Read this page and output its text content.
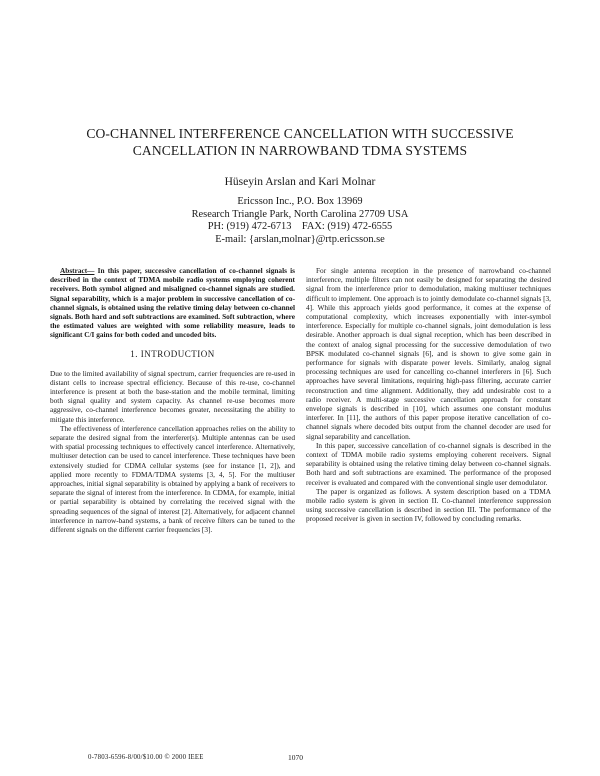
CO-CHANNEL INTERFERENCE CANCELLATION WITH SUCCESSIVE
CANCELLATION IN NARROWBAND TDMA SYSTEMS
Hüseyin Arslan and Kari Molnar
Ericsson Inc., P.O. Box 13969
Research Triangle Park, North Carolina 27709 USA
PH: (919) 472-6713    FAX: (919) 472-6555
E-mail: {arslan,molnar}@rtp.ericsson.se

Abstract— In this paper, successive cancellation of co-channel signals is described in the context of TDMA mobile radio systems employing coherent receivers. Both symbol aligned and misaligned co-channel signals are studied. Signal separability, which is a major problem in successive cancellation of co-channel signals, is obtained using the relative timing delay between co-channel signals. Both hard and soft subtractions are examined. Soft subtraction, where the estimated values are weighted with some reliability measure, leads to significant C/I gains for both coded and uncoded bits.

1. INTRODUCTION

Due to the limited availability of signal spectrum, carrier frequencies are re-used in distant cells to increase spectral efficiency. Because of this re-use, co-channel interference is present at both the base-station and the mobile terminal, limiting both signal quality and system capacity. As channel re-use becomes more aggressive, co-channel interference becomes greater, necessitating the ability to mitigate this interference.

The effectiveness of interference cancellation approaches relies on the ability to separate the desired signal from the interferer(s). Multiple antennas can be used with spatial processing techniques to effectively cancel interference. Alternatively, multiuser detection can be used to cancel interference. These techniques have been extensively studied for CDMA cellular systems (see for instance [1, 2]), and applied more recently to FDMA/TDMA systems [3, 4, 5]. For the multiuser approaches, initial signal separability is obtained by applying a bank of receivers to separate the signal of interest from the interference. In CDMA, for example, initial or partial separability is obtained by correlating the received signal with the spreading sequences of the signal of interest [2]. Alternatively, for adjacent channel interference in narrow-band systems, a bank of receive filters can be tuned to the different signals on the different carrier frequencies [3].

For single antenna reception in the presence of narrowband co-channel interference, multiple filters can not easily be designed for separating the desired signal from the interference prior to demodulation, making multiuser techniques difficult to implement. One approach is to jointly demodulate co-channel signals [3, 4]. While this approach yields good performance, it comes at the expense of computational complexity, which increases exponentially with inter-symbol interference. Especially for multiple co-channel signals, joint demodulation is less desirable. Another approach is dual signal reception, which has been described in the context of analog signal processing for the successive demodulation of two BPSK modulated co-channel signals [6], and is shown to give some gain in performance for signals with disparate power levels. Similarly, analog signal processing techniques are used for cancelling co-channel interferers in [6]. Such approaches have several limitations, requiring high-pass filtering, accurate carrier reconstruction and time alignment. Additionally, they add undesirable cost to a radio receiver. A multi-stage successive cancellation approach for constant envelope signals is described in [10], which assumes one constant modulus interferer. In [11], the authors of this paper propose iterative cancellation of co-channel signals where decoded bits output from the channel decoder are used for signal separability and cancellation.

In this paper, successive cancellation of co-channel signals is described in the context of TDMA mobile radio systems employing coherent receivers. Signal separability is obtained using the relative timing delay between co-channel signals. Both hard and soft subtractions are examined. The performance of the proposed receiver is evaluated and compared with the conventional single user demodulator.

The paper is organized as follows. A system description based on a TDMA mobile radio system is given in section II. Co-channel interference suppression using successive cancellation is described in section III. The performance of the proposed receiver is given in section IV, followed by concluding remarks.

0-7803-6596-8/00/$10.00 © 2000 IEEE	1070
